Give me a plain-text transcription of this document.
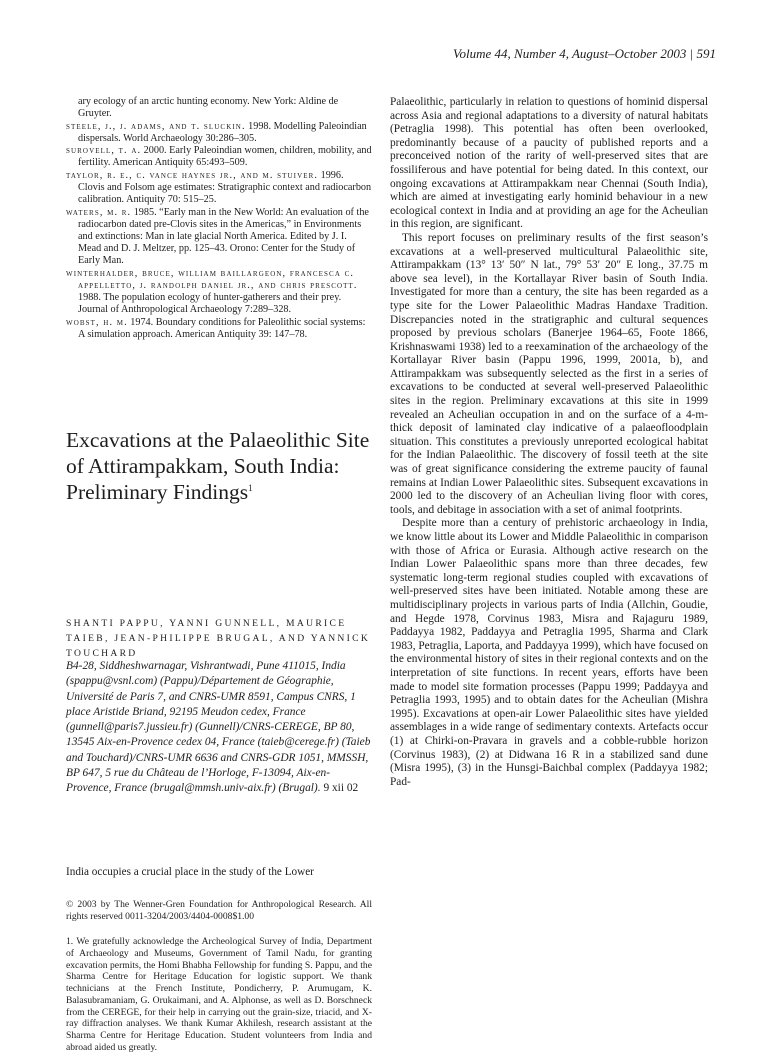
Volume 44, Number 4, August–October 2003 | 591

ary ecology of an arctic hunting economy. New York: Aldine de Gruyter.

steele, j., j. adams, and t. sluckin. 1998. Modelling Paleoindian dispersals. World Archaeology 30:286–305.

surovell, t. a. 2000. Early Paleoindian women, children, mobility, and fertility. American Antiquity 65:493–509.

taylor, r. e., c. vance haynes jr., and m. stuiver. 1996. Clovis and Folsom age estimates: Stratigraphic context and radiocarbon calibration. Antiquity 70: 515–25.

waters, m. r. 1985. “Early man in the New World: An evaluation of the radiocarbon dated pre-Clovis sites in the Americas,” in Environments and extinctions: Man in late glacial North America. Edited by J. I. Mead and D. J. Meltzer, pp. 125–43. Orono: Center for the Study of Early Man.

winterhalder, bruce, william baillargeon, francesca c. appelletto, j. randolph daniel jr., and chris prescott. 1988. The population ecology of hunter-gatherers and their prey. Journal of Anthropological Archaeology 7:289–328.

wobst, h. m. 1974. Boundary conditions for Paleolithic social systems: A simulation approach. American Antiquity 39: 147–78.

Excavations at the Palaeolithic Site of Attirampakkam, South India: Preliminary Findings$^1$

SHANTI PAPPU, YANNI GUNNELL, MAURICE TAIEB, JEAN-PHILIPPE BRUGAL, AND YANNICK TOUCHARD

B4-28, Siddheshwarnagar, Vishrantwadi, Pune 411015, India (spappu@vsnl.com) (Pappu)/Département de Géographie, Université de Paris 7, and CNRS-UMR 8591, Campus CNRS, 1 place Aristide Briand, 92195 Meudon cedex, France (gunnell@paris7.jussieu.fr) (Gunnell)/CNRS-CEREGE, BP 80, 13545 Aix-en-Provence cedex 04, France (taieb@cerege.fr) (Taieb and Touchard)/CNRS-UMR 6636 and CNRS-GDR 1051, MMSSH, BP 647, 5 rue du Château de l’Horloge, F-13094, Aix-en-Provence, France (brugal@mmsh.univ-aix.fr) (Brugal). 9 xii 02

India occupies a crucial place in the study of the Lower

© 2003 by The Wenner-Gren Foundation for Anthropological Research. All rights reserved 0011-3204/2003/4404-0008$1.00

1. We gratefully acknowledge the Archeological Survey of India, Department of Archaeology and Museums, Government of Tamil Nadu, for granting excavation permits, the Homi Bhabha Fellowship for funding S. Pappu, and the Sharma Centre for Heritage Education for logistic support. We thank technicians at the French Institute, Pondicherry, P. Arumugam, K. Balasubramaniam, G. Orukaimani, and A. Alphonse, as well as D. Borschneck from the CEREGE, for their help in carrying out the grain-size, triacid, and X-ray diffraction analyses. We thank Kumar Akhilesh, research assistant at the Sharma Centre for Heritage Education. Student volunteers from India and abroad aided us greatly.

Palaeolithic, particularly in relation to questions of hominid dispersal across Asia and regional adaptations to a diversity of natural habitats (Petraglia 1998). This potential has often been overlooked, predominantly because of a paucity of published reports and a preconceived notion of the rarity of well-preserved sites that are fossiliferous and have potential for being dated. In this context, our ongoing excavations at Attirampakkam near Chennai (South India), which are aimed at investigating early hominid behaviour in a new ecological context in India and at providing an age for the Acheulian in this region, are significant.

This report focuses on preliminary results of the first season’s excavations at a well-preserved multicultural Palaeolithic site, Attirampakkam (13° 13′ 50″ N lat., 79° 53′ 20″ E long., 37.75 m above sea level), in the Kortallayar River basin of South India. Investigated for more than a century, the site has been regarded as a type site for the Lower Palaeolithic Madras Handaxe Tradition. Discrepancies noted in the stratigraphic and cultural sequences proposed by previous scholars (Banerjee 1964–65, Foote 1866, Krishnaswami 1938) led to a reexamination of the archaeology of the Kortallayar River basin (Pappu 1996, 1999, 2001a, b), and Attirampakkam was subsequently selected as the first in a series of excavations to be conducted at several well-preserved Palaeolithic sites in the region. Preliminary excavations at this site in 1999 revealed an Acheulian occupation in and on the surface of a 4-m-thick deposit of laminated clay indicative of a palaeofloodplain situation. This constitutes a previously unreported ecological habitat for the Indian Palaeolithic. The discovery of fossil teeth at the site was of great significance considering the extreme paucity of faunal remains at Indian Lower Palaeolithic sites. Subsequent excavations in 2000 led to the discovery of an Acheulian living floor with cores, tools, and debitage in association with a set of animal footprints.

Despite more than a century of prehistoric archaeology in India, we know little about its Lower and Middle Palaeolithic in comparison with those of Africa or Eurasia. Although active research on the Indian Lower Palaeolithic spans more than three decades, few systematic long-term regional studies coupled with excavations of well-preserved sites have been initiated. Notable among these are multidisciplinary projects in various parts of India (Allchin, Goudie, and Hegde 1978, Corvinus 1983, Misra and Rajaguru 1989, Paddayya 1982, Paddayya and Petraglia 1995, Sharma and Clark 1983, Petraglia, Laporta, and Paddayya 1999), which have focused on the environmental history of sites in their regional contexts and on the interpretation of site functions. In recent years, efforts have been made to model site formation processes (Pappu 1999; Paddayya and Petraglia 1993, 1995) and to obtain dates for the Acheulian (Mishra 1995). Excavations at open-air Lower Palaeolithic sites have yielded assemblages in a wide range of sedimentary contexts. Artefacts occur (1) at Chirki-on-Pravara in gravels and a cobble-rubble horizon (Corvinus 1983), (2) at Didwana 16 R in a stabilized sand dune (Misra 1995), (3) in the Hunsgi-Baichbal complex (Paddayya 1982; Pad-
